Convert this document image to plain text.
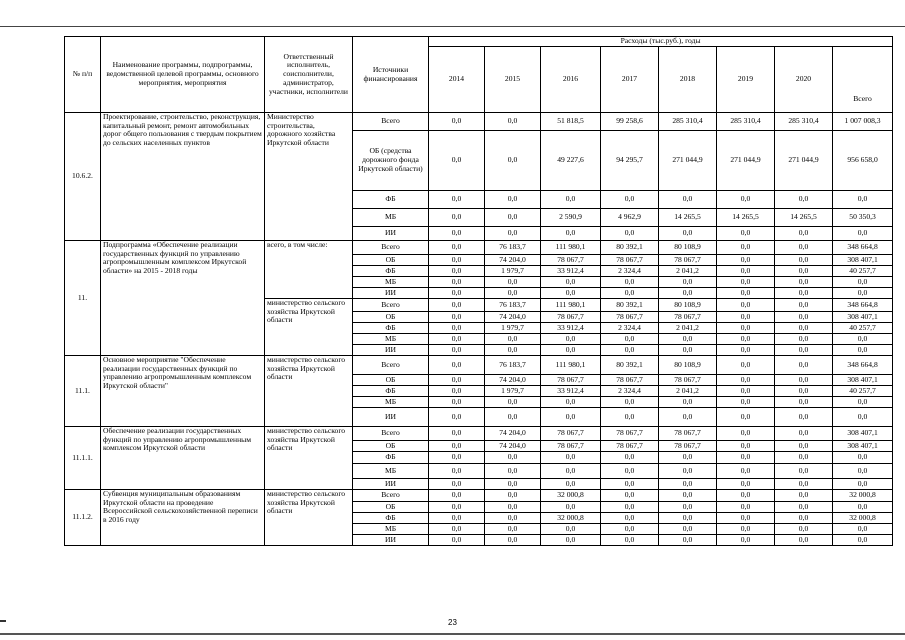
№ п/п	Наименование программы, подпрограммы, ведомственной целевой программы, основного мероприятия, мероприятия	Ответственный исполнитель, соисполнители, администратор, участники, исполнители	Источники финансирования	Расходы (тыс.руб.), годы							
				2014	2015	2016	2017	2018	2019	2020	Всего
10.6.2.	Проектирование, строительство, реконструкция, капитальный ремонт, ремонт автомобильных дорог общего пользования с твердым покрытием до сельских населенных пунктов	Министерство строительства, дорожного хозяйства Иркутской области	Всего	0,0	0,0	51 818,5	99 258,6	285 310,4	285 310,4	285 310,4	1 007 008,3
			ОБ (средства дорожного фонда Иркутской области)	0,0	0,0	49 227,6	94 295,7	271 044,9	271 044,9	271 044,9	956 658,0
			ФБ	0,0	0,0	0,0	0,0	0,0	0,0	0,0	0,0
			МБ	0,0	0,0	2 590,9	4 962,9	14 265,5	14 265,5	14 265,5	50 350,3
			ИИ	0,0	0,0	0,0	0,0	0,0	0,0	0,0	0,0
11.	Подпрограмма «Обеспечение реализации государственных функций по управлению агропромышленным комплексом Иркутской области» на 2015 - 2018 годы	всего, в том числе:	Всего	0,0	76 183,7	111 980,1	80 392,1	80 108,9	0,0	0,0	348 664,8
			ОБ	0,0	74 204,0	78 067,7	78 067,7	78 067,7	0,0	0,0	308 407,1
			ФБ	0,0	1 979,7	33 912,4	2 324,4	2 041,2	0,0	0,0	40 257,7
			МБ	0,0	0,0	0,0	0,0	0,0	0,0	0,0	0,0
			ИИ	0,0	0,0	0,0	0,0	0,0	0,0	0,0	0,0
		министерство сельского хозяйства Иркутской области	Всего	0,0	76 183,7	111 980,1	80 392,1	80 108,9	0,0	0,0	348 664,8
			ОБ	0,0	74 204,0	78 067,7	78 067,7	78 067,7	0,0	0,0	308 407,1
			ФБ	0,0	1 979,7	33 912,4	2 324,4	2 041,2	0,0	0,0	40 257,7
			МБ	0,0	0,0	0,0	0,0	0,0	0,0	0,0	0,0
			ИИ	0,0	0,0	0,0	0,0	0,0	0,0	0,0	0,0
11.1.	Основное мероприятие "Обеспечение реализации государственных функций по управлению агропромышленным комплексом Иркутской области"	министерство сельского хозяйства Иркутской области	Всего	0,0	76 183,7	111 980,1	80 392,1	80 108,9	0,0	0,0	348 664,8
			ОБ	0,0	74 204,0	78 067,7	78 067,7	78 067,7	0,0	0,0	308 407,1
			ФБ	0,0	1 979,7	33 912,4	2 324,4	2 041,2	0,0	0,0	40 257,7
			МБ	0,0	0,0	0,0	0,0	0,0	0,0	0,0	0,0
			ИИ	0,0	0,0	0,0	0,0	0,0	0,0	0,0	0,0
11.1.1.	Обеспечение реализации государственных функций по управлению агропромышленным комплексом Иркутской области	министерство сельского хозяйства Иркутской области	Всего	0,0	74 204,0	78 067,7	78 067,7	78 067,7	0,0	0,0	308 407,1
			ОБ	0,0	74 204,0	78 067,7	78 067,7	78 067,7	0,0	0,0	308 407,1
			ФБ	0,0	0,0	0,0	0,0	0,0	0,0	0,0	0,0
			МБ	0,0	0,0	0,0	0,0	0,0	0,0	0,0	0,0
			ИИ	0,0	0,0	0,0	0,0	0,0	0,0	0,0	0,0
11.1.2.	Субвенция муниципальным образованиям Иркутской области на проведение Всероссийской сельскохозяйственной переписи в 2016 году	министерство сельского хозяйства Иркутской области	Всего	0,0	0,0	32 000,8	0,0	0,0	0,0	0,0	32 000,8
			ОБ	0,0	0,0	0,0	0,0	0,0	0,0	0,0	0,0
			ФБ	0,0	0,0	32 000,8	0,0	0,0	0,0	0,0	32 000,8
			МБ	0,0	0,0	0,0	0,0	0,0	0,0	0,0	0,0
			ИИ	0,0	0,0	0,0	0,0	0,0	0,0	0,0	0,0
23
